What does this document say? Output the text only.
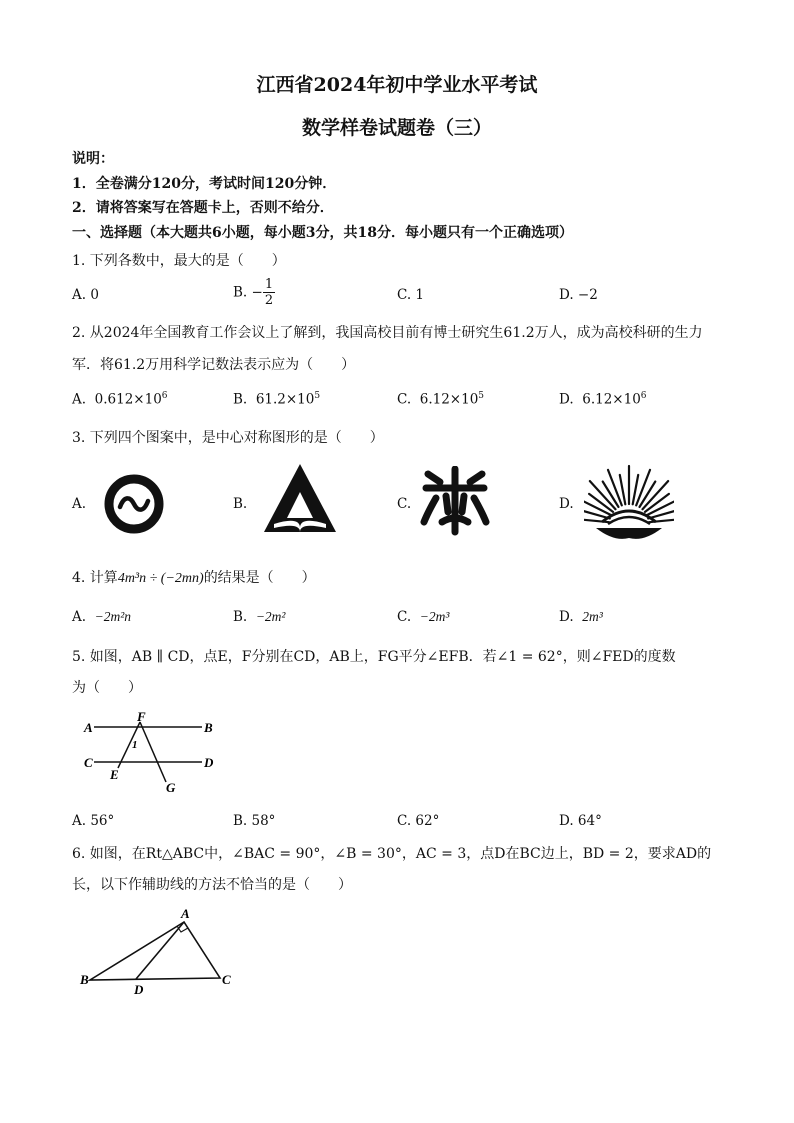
江西省2024年初中学业水平考试
数学样卷试题卷（三）
说明：
1．全卷满分120分，考试时间120分钟．
2．请将答案写在答题卡上，否则不给分．
一、选择题（本大题共6小题，每小题3分，共18分．每小题只有一个正确选项）
1. 下列各数中，最大的是（　　）
A. 0	B. − $\frac{1}{2}$	C. 1	D. −2
2. 从2024年全国教育工作会议上了解到，我国高校目前有博士研究生61.2万人，成为高校科研的生力
军．将61.2万用科学记数法表示应为（　　）
A. $0.612\times 10^6$	B. $61.2\times 10^5$	C. $6.12\times 10^5$	D. $6.12\times 10^6$
3. 下列四个图案中，是中心对称图形的是（　　）
A.	B.	C.	D.
4. 计算4m³n ÷ (−2mn)的结果是（　　）
A. −2m²n	B. −2m²	C. −2m³	D. 2m³
5. 如图，AB ∥ CD，点E，F分别在CD，AB上，FG平分∠EFB．若∠1 = 62°，则∠FED的度数
为（　　）
A
F
B
C
E
1
D
G
A. 56°	B. 58°	C. 62°	D. 64°
6. 如图，在Rt△ABC中，∠BAC = 90°，∠B = 30°，AC = 3，点D在BC边上，BD = 2，要求AD的
长，以下作辅助线的方法不恰当的是（　　）
A
B
D
C
